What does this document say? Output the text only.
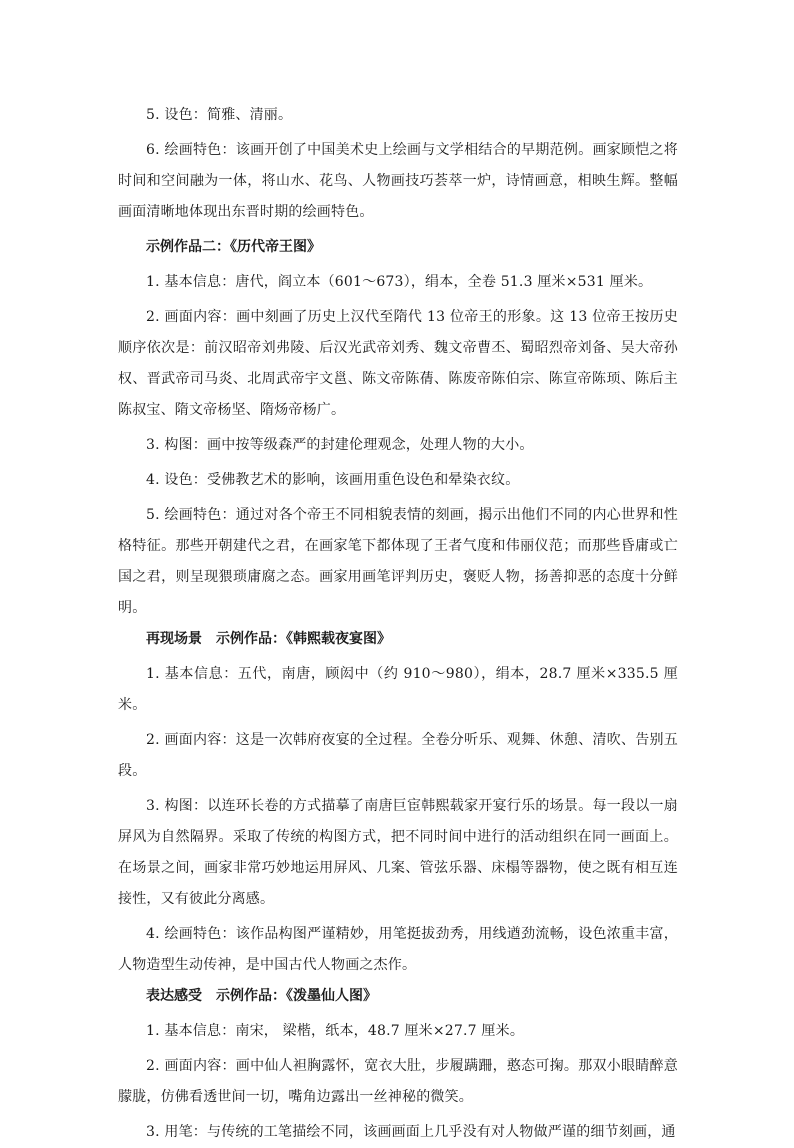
5. 设色：简雅、清丽。

6. 绘画特色：该画开创了中国美术史上绘画与文学相结合的早期范例。画家顾恺之将时间和空间融为一体，将山水、花鸟、人物画技巧荟萃一炉，诗情画意，相映生辉。整幅画面清晰地体现出东晋时期的绘画特色。

示例作品二：《历代帝王图》

1. 基本信息：唐代，阎立本（601～673），绢本，全卷 51.3 厘米×531 厘米。

2. 画面内容：画中刻画了历史上汉代至隋代 13 位帝王的形象。这 13 位帝王按历史顺序依次是：前汉昭帝刘弗陵、后汉光武帝刘秀、魏文帝曹丕、蜀昭烈帝刘备、吴大帝孙权、晋武帝司马炎、北周武帝宇文邕、陈文帝陈蒨、陈废帝陈伯宗、陈宣帝陈顼、陈后主陈叔宝、隋文帝杨坚、隋炀帝杨广。

3. 构图：画中按等级森严的封建伦理观念，处理人物的大小。

4. 设色：受佛教艺术的影响，该画用重色设色和晕染衣纹。

5. 绘画特色：通过对各个帝王不同相貌表情的刻画，揭示出他们不同的内心世界和性格特征。那些开朝建代之君，在画家笔下都体现了王者气度和伟丽仪范；而那些昏庸或亡国之君，则呈现猥琐庸腐之态。画家用画笔评判历史，褒贬人物，扬善抑恶的态度十分鲜明。

再现场景　示例作品：《韩熙载夜宴图》

1. 基本信息：五代，南唐，顾闳中（约 910～980），绢本，28.7 厘米×335.5 厘米。

2. 画面内容：这是一次韩府夜宴的全过程。全卷分听乐、观舞、休憩、清吹、告别五段。

3. 构图：以连环长卷的方式描摹了南唐巨宦韩熙载家开宴行乐的场景。每一段以一扇屏风为自然隔界。采取了传统的构图方式，把不同时间中进行的活动组织在同一画面上。在场景之间，画家非常巧妙地运用屏风、几案、管弦乐器、床榻等器物，使之既有相互连接性，又有彼此分离感。

4. 绘画特色：该作品构图严谨精妙，用笔挺拔劲秀，用线遒劲流畅，设色浓重丰富，人物造型生动传神，是中国古代人物画之杰作。

表达感受　示例作品：《泼墨仙人图》

1. 基本信息：南宋， 梁楷，纸本，48.7 厘米×27.7 厘米。

2. 画面内容：画中仙人袒胸露怀，宽衣大肚，步履蹒跚，憨态可掬。那双小眼睛醉意朦胧，仿佛看透世间一切，嘴角边露出一丝神秘的微笑。

3. 用笔：与传统的工笔描绘不同，该画画面上几乎没有对人物做严谨的细节刻画，通
